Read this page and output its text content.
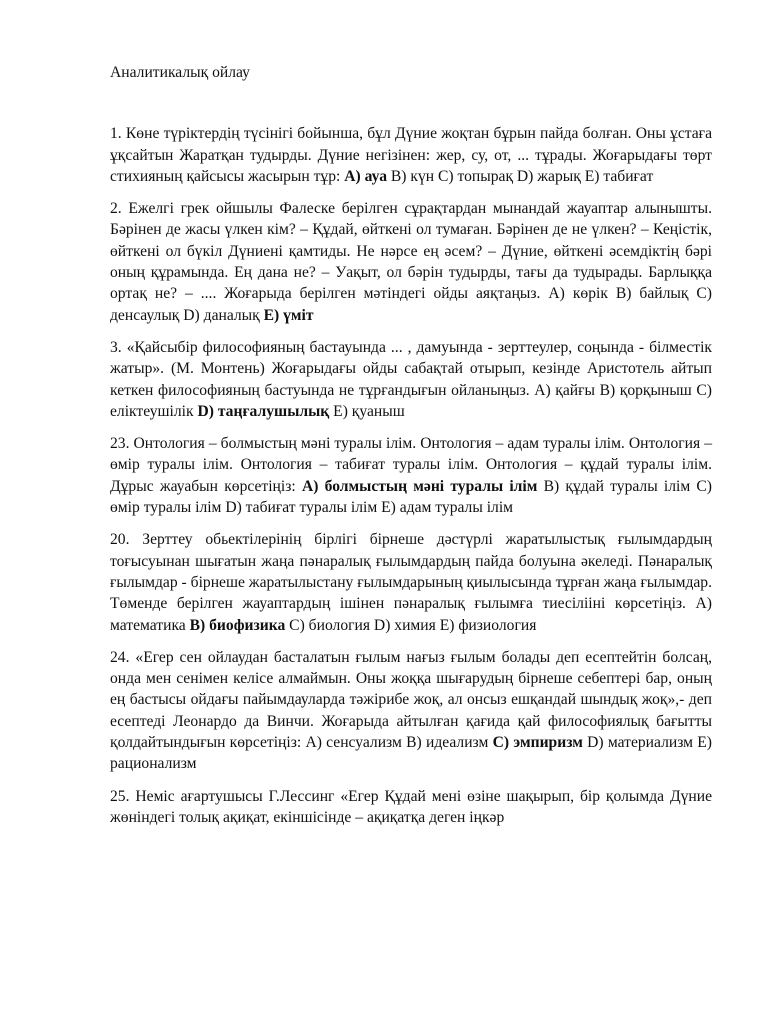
Аналитикалық ойлау

1. Көне түріктердің түсінігі бойынша, бұл Дүние жоқтан бұрын пайда болған. Оны ұстаға ұқсайтын Жаратқан тудырды. Дүние негізінен: жер, су, от, ... тұрады. Жоғарыдағы төрт стихияның қайсысы жасырын тұр: А) ауа B) күн C) топырақ D) жарық E) табиғат

2. Ежелгі грек ойшылы Фалеске берілген сұрақтардан мынандай жауаптар алынышты. Бәрінен де жасы үлкен кім? – Құдай, өйткені ол тумаған. Бәрінен де не үлкен? – Кеңістік, өйткені ол бүкіл Дүниені қамтиды. Не нәрсе ең әсем? – Дүние, өйткені әсемдіктің бәрі оның құрамында. Ең дана не? – Уақыт, ол бәрін тудырды, тағы да тудырады. Барлыққа ортақ не? – .... Жоғарыда берілген мәтіндегі ойды аяқтаңыз. А) көрік B) байлық C) денсаулық D) даналық E) үміт

3. «Қайсыбір философияның бастауында ... , дамуында - зерттеулер, соңында - білместік жатыр». (М. Монтень) Жоғарыдағы ойды сабақтай отырып, кезінде Аристотель айтып кеткен философияның бастуында не тұрғандығын ойланыңыз. А) қайғы B) қорқыныш C) еліктеушілік D) таңғалушылық E) қуаныш

23. Онтология – болмыстың мәні туралы ілім. Онтология – адам туралы ілім. Онтология – өмір туралы ілім. Онтология – табиғат туралы ілім. Онтология – құдай туралы ілім. Дұрыс жауабын көрсетіңіз: А) болмыстың мәні туралы ілім B) құдай туралы ілім C) өмір туралы ілім D) табиғат туралы ілім E) адам туралы ілім

20. Зерттеу обьектілерінің бірлігі бірнеше дәстүрлі жаратылыстық ғылымдардың тоғысуынан шығатын жаңа пәнаралық ғылымдардың пайда болуына әкеледі. Пәнаралық ғылымдар - бірнеше жаратылыстану ғылымдарының қиылысында тұрған жаңа ғылымдар. Төменде берілген жауаптардың ішінен пәнаралық ғылымға тиесілііні көрсетіңіз. А) математика B) биофизика C) биология D) химия E) физиология

24. «Егер сен ойлаудан басталатын ғылым нағыз ғылым болады деп есептейтін болсаң, онда мен сенімен келісе алмаймын. Оны жоққа шығарудың бірнеше себептері бар, оның ең бастысы ойдағы пайымдауларда тәжірибе жоқ, ал онсыз ешқандай шындық жоқ»,- деп есептеді Леонардо да Винчи. Жоғарыда айтылған қағида қай философиялық бағытты қолдайтындығын көрсетіңіз: А) сенсуализм B) идеализм C) эмпиризм D) материализм E) рационализм

25. Неміс ағартушысы Г.Лессинг «Егер Құдай мені өзіне шақырып, бір қолымда Дүние жөніндегі толық ақиқат, екіншісінде – ақиқатқа деген іңкәр
